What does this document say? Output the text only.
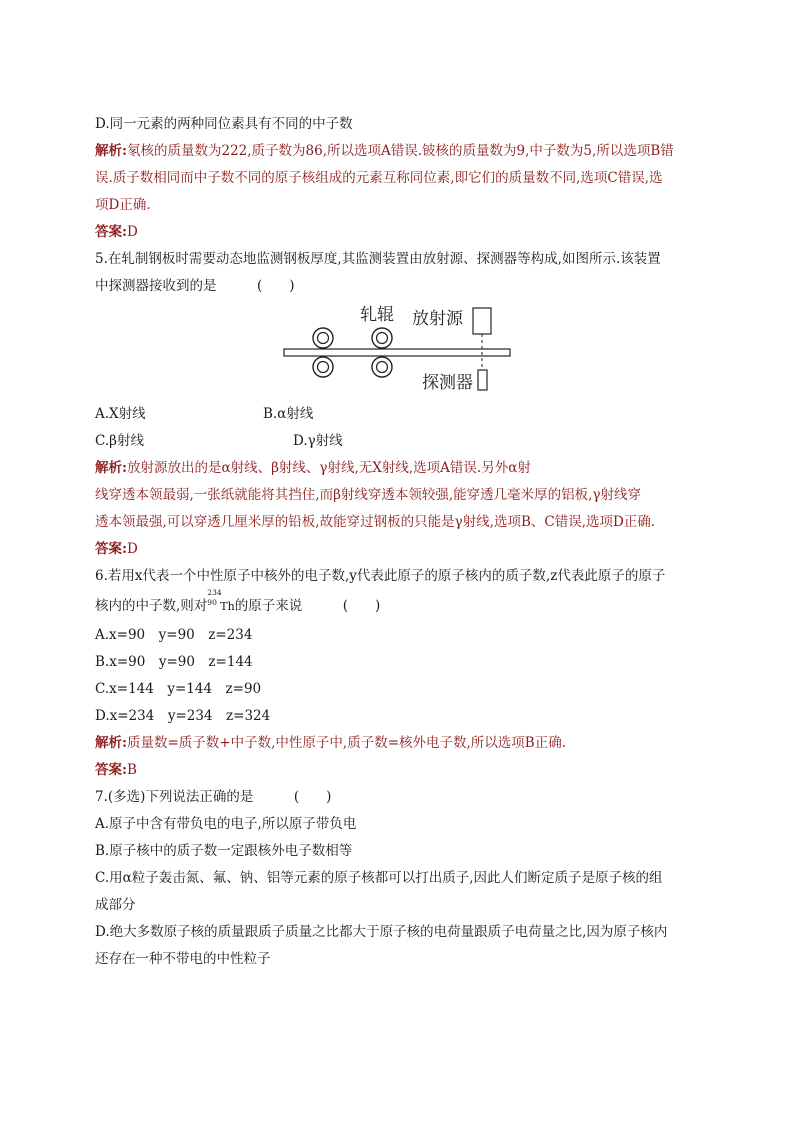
D.同一元素的两种同位素具有不同的中子数
解析:氡核的质量数为222,质子数为86,所以选项A错误.铍核的质量数为9,中子数为5,所以选项B错
误.质子数相同而中子数不同的原子核组成的元素互称同位素,即它们的质量数不同,选项C错误,选
项D正确.
答案:D
5.在轧制钢板时需要动态地监测钢板厚度,其监测装置由放射源、探测器等构成,如图所示.该装置
中探测器接收到的是　　　(　　)
轧辊 放射源
探测器
A.X射线	B.α射线
C.β射线	D.γ射线
解析:放射源放出的是α射线、β射线、γ射线,无X射线,选项A错误.另外α射
线穿透本领最弱,一张纸就能将其挡住,而β射线穿透本领较强,能穿透几毫米厚的铝板,γ射线穿
透本领最强,可以穿透几厘米厚的铅板,故能穿过钢板的只能是γ射线,选项B、C错误,选项D正确.
答案:D
6.若用x代表一个中性原子中核外的电子数,y代表此原子的原子核内的质子数,z代表此原子的原子
核内的中子数,则对
234
90 Th的原子来说　　　(　　)
A.x=90　y=90　z=234
B.x=90　y=90　z=144
C.x=144　y=144　z=90
D.x=234　y=234　z=324
解析:质量数=质子数+中子数,中性原子中,质子数=核外电子数,所以选项B正确.
答案:B
7.(多选)下列说法正确的是　　　(　　)
A.原子中含有带负电的电子,所以原子带负电
B.原子核中的质子数一定跟核外电子数相等
C.用α粒子轰击氮、氟、钠、铝等元素的原子核都可以打出质子,因此人们断定质子是原子核的组
成部分
D.绝大多数原子核的质量跟质子质量之比都大于原子核的电荷量跟质子电荷量之比,因为原子核内
还存在一种不带电的中性粒子
